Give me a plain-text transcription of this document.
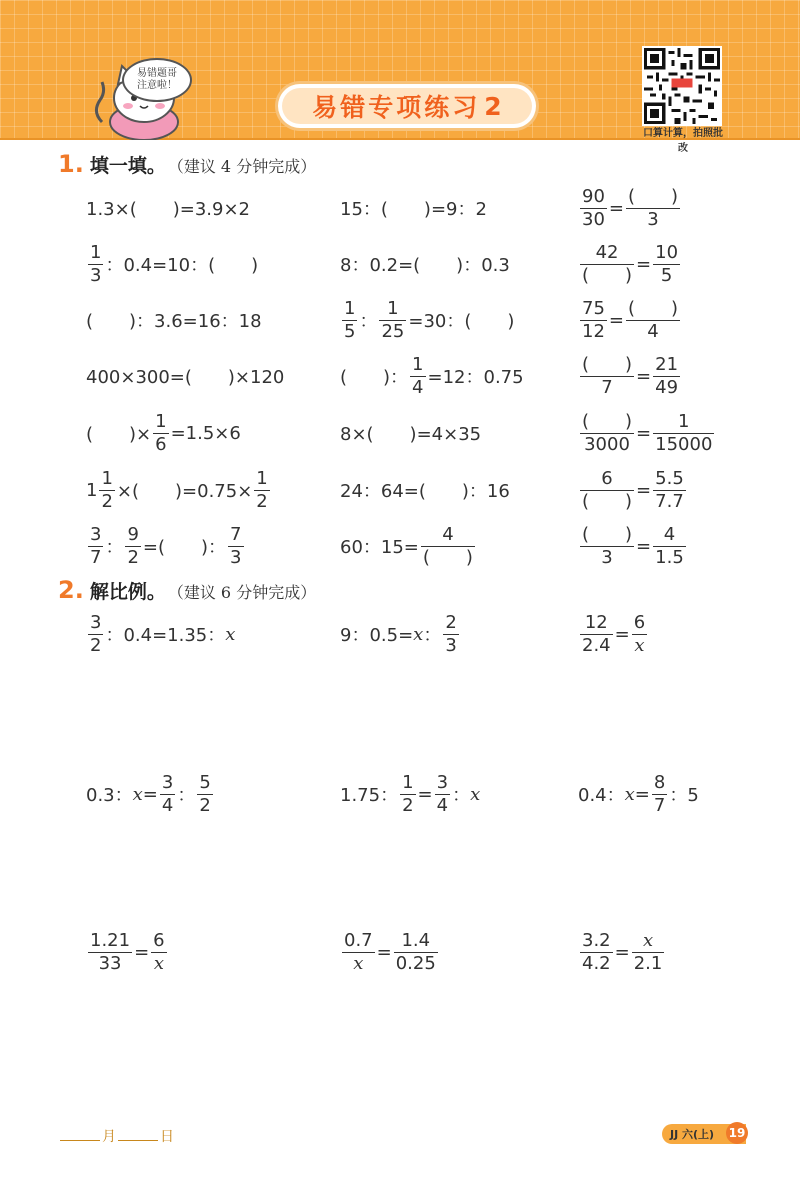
易错题哥
注意啦！
易错专项练习 2
口算计算，拍照批改
1. 填一填。 （建议 4 分钟完成）
1.3×(　　)=3.9×2	15：(　　)=9：2	$\frac{90}{30} = \frac{( )}{3}$
$\frac{1}{3}$ ：0.4=10：(　　)	8：0.2=(　　)：0.3	$\frac{42}{( )} = \frac{10}{5}$
(　　)：3.6=16：18	$\frac{1}{5}$ ： $\frac{1}{25} =30$：(　　)	$\frac{75}{12} = \frac{( )}{4}$
400×300=(　　)×120	(　　)： $\frac{1}{4} =12$：0.75	$\frac{( )}{7} = \frac{21}{49}$
(　　)× $\frac{1}{6} =1.5\times 6$	8×(　　)=4×35	$\frac{( )}{3000} = \frac{1}{15000}$
$1 \frac{1}{2}$ ×(　　)$=0.75\times \frac{1}{2}$	24：64=(　　)：16	$\frac{6}{( )} = \frac{5.5}{7.7}$
$\frac{3}{7}$ ： $\frac{9}{2}$ =(　　)： $\frac{7}{3}$	60：$15= \frac{4}{( )}$	$\frac{( )}{3} = \frac{4}{1.5}$
2. 解比例。 （建议 6 分钟完成）
$\frac{3}{2}$ ：0.4=1.35： x	9：0.5= x ： $\frac{2}{3}$	$\frac{12}{2.4} = \frac{6}{x}$
0.3： $x = \frac{3}{4}$ ： $\frac{5}{2}$	1.75： $\frac{1}{2} = \frac{3}{4}$ ： x	0.4： $x = \frac{8}{7}$ ：5
$\frac{1.21}{33} = \frac{6}{x}$	$\frac{0.7}{x} = \frac{1.4}{0.25}$	$\frac{3.2}{4.2} = \frac{x}{2.1}$
月	日	JJ 六(上)	19
